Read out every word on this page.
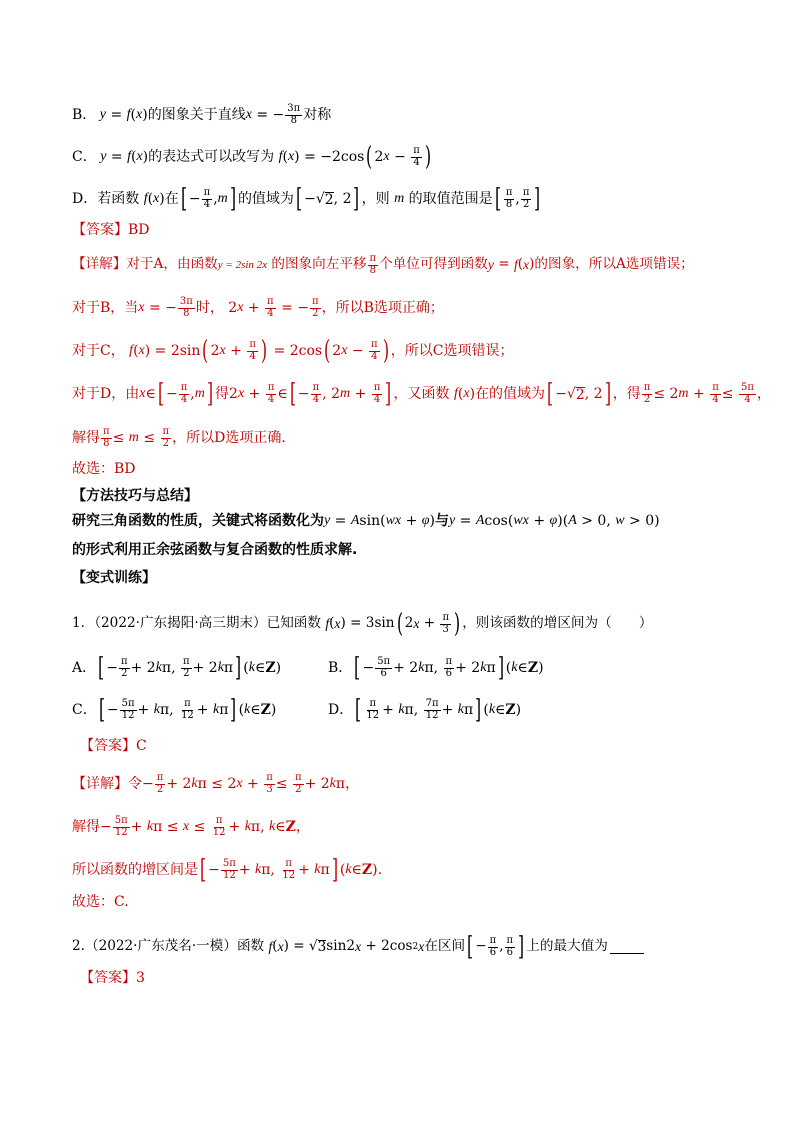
B． y = f ( x ) 的图象关于直线 x = − $\frac{3\pi}{8}$ 对称
C． y = f ( x ) 的表达式可以改写为
f ( x ) = −2cos ( 2 $x - \frac{\pi}{4}$ )
D．若函数
f ( x ) 在 [ − $\frac{\pi}{4}$ , m ] 的值域为 [ −√ 2 , 2 ] ，则
m
的取值范围是 [ $\frac{\pi}{8}$ , $\frac{\pi}{2}$ ]
【答案】BD
【详解】对于A，由函数 y = 2sin 2x 的图象向左平移 $\frac{\pi}{8}$ 个单位可得到函数 y = f ( x ) 的图象，所以A选项错误；
对于B，当 x = − $\frac{3\pi}{8}$ 时， 2 $x + \frac{\pi}{4}$ = − $\frac{\pi}{2}$ ，所以B选项正确；
对于C，
f ( x ) = 2sin ( 2 $x + \frac{\pi}{4}$ ) = 2cos ( 2 $x - \frac{\pi}{4}$ ) ，所以C选项错误；
对于D，由 x ∈ [ − $\frac{\pi}{4}$ , m ] 得 2 $x + \frac{\pi}{4}$ ∈ [ − $\frac{\pi}{4}$ , 2 $m + \frac{\pi}{4}$ ] ，又函数
f ( x ) 在的值域为 [ −√ 2 , 2 ] ，得 $\frac{\pi}{2} \le 2$ $m + \frac{\pi}{4} \le \frac{5\pi}{4}$ ，
解得 $\frac{\pi}{8} \le m \le \frac{\pi}{2}$ ，所以D选项正确．
故选：BD
【方法技巧与总结】
研究三角函数的性质，关键式将函数化为 y = A sin( wx + φ ) 与 y = A cos( wx + φ )( A > 0, w > 0)
的形式利用正余弦函数与复合函数的性质求解.
【变式训练】
1．（2022·广东揭阳·高三期末）已知函数
f ( x ) = 3sin ( 2 $x + \frac{\pi}{3}$ ) ，则该函数的增区间为（　　）
A． [ − $\frac{\pi}{2} + 2$ k π, $\frac{\pi}{2} + 2$ k π ] ( k ∈ Z )	B． [ − $\frac{5\pi}{6} + 2$ k π, $\frac{\pi}{6} + 2$ k π ] ( k ∈ Z )
C． [ − $\frac{5\pi}{12} + k$ π, $\frac{\pi}{12} + k$ π ] ( k ∈ Z )	D． [ $\frac{\pi}{12} + k$ π, $\frac{7\pi}{12} + k$ π ] ( k ∈ Z )
【答案】C
【详解】令 − $\frac{\pi}{2} + 2$ k π ≤ 2 $x + \frac{\pi}{3} \le \frac{\pi}{2} + 2$ k π ，
解得 − $\frac{5\pi}{12} + k$ $\pi \le x \le \frac{\pi}{12} + k$ π, k ∈ Z ，
所以函数的增区间是 [ − $\frac{5\pi}{12} + k$ π, $\frac{\pi}{12} + k$ π ] ( k ∈ Z ).
故选：C.
2.（2022·广东茂名·一模）函数
f ( x ) = √ 3 sin2 x + 2cos 2 x 在区间 [ − $\frac{\pi}{6}$ , $\frac{\pi}{6}$ ] 上的最大值为
【答案】3
